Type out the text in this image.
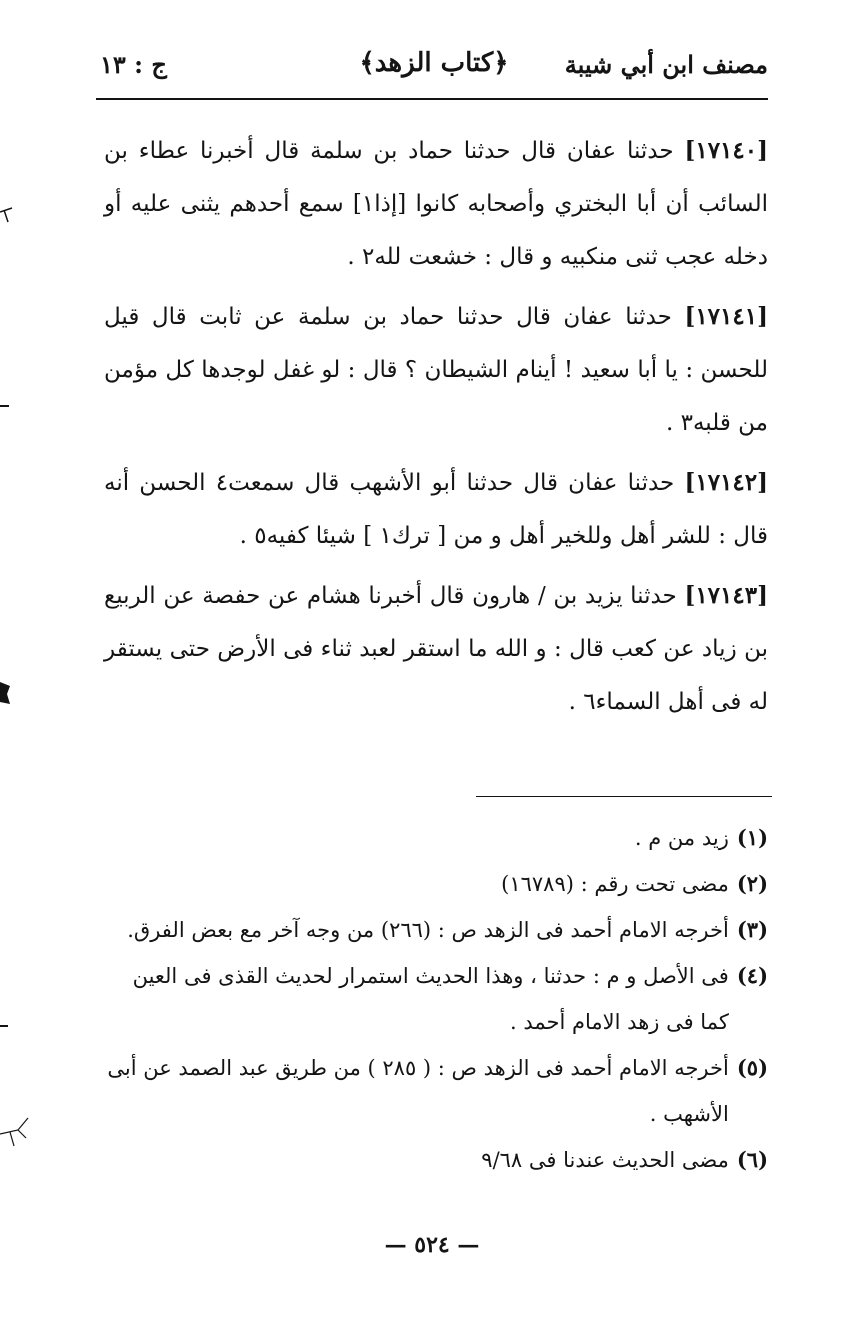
مصنف ابن أبي شيبة
﴿كتاب الزهد﴾
ج : ١٣

[١٧١٤٠] حدثنا عفان قال حدثنا حماد بن سلمة قال أخبرنا عطاء بن السائب أن أبا البختري وأصحابه كانوا [إذا١] سمع أحدهم يثنى عليه أو دخله عجب ثنى منكبيه و قال : خشعت لله٢ .

[١٧١٤١] حدثنا عفان قال حدثنا حماد بن سلمة عن ثابت قال قيل للحسن : يا أبا سعيد ! أينام الشيطان ؟ قال : لو غفل لوجدها كل مؤمن من قلبه٣ .

[١٧١٤٢] حدثنا عفان قال حدثنا أبو الأشهب قال سمعت٤ الحسن أنه قال : للشر أهل وللخير أهل و من [ ترك١ ] شيئا كفيه٥ .

[١٧١٤٣] حدثنا يزيد بن / هارون قال أخبرنا هشام عن حفصة عن الربيع بن زياد عن كعب قال : و الله ما استقر لعبد ثناء فى الأرض حتى يستقر له فى أهل السماء٦ .

(١)
زيد من م .
(٢)
مضى تحت رقم : (١٦٧٨٩)
(٣)
أخرجه الامام أحمد فى الزهد ص : (٢٦٦) من وجه آخر مع بعض الفرق.
(٤)
فى الأصل و م : حدثنا ، وهذا الحديث استمرار لحديث القذى فى العين كما فى زهد الامام أحمد .
(٥)
أخرجه الامام أحمد فى الزهد ص : ( ٢٨٥ ) من طريق عبد الصمد عن أبى الأشهب .
(٦)
مضى الحديث عندنا فى ٩/٦٨
— ٥٢٤ —
